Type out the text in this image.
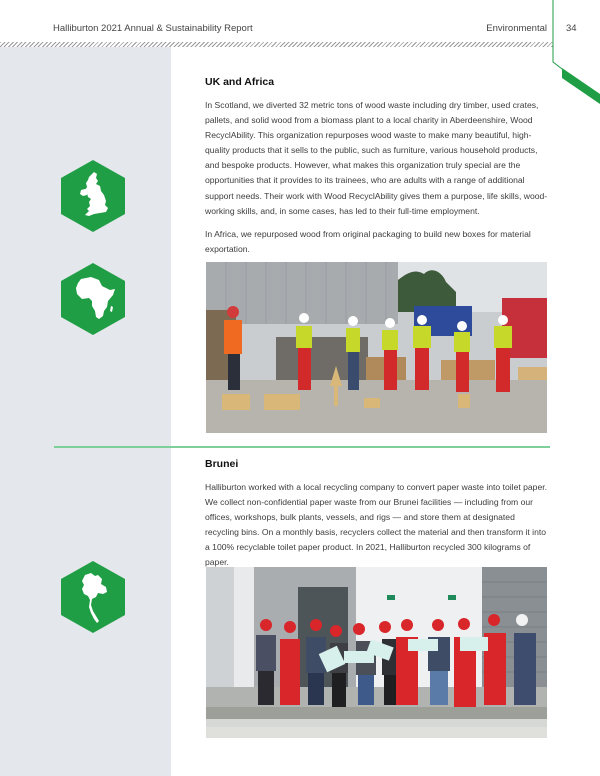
Halliburton 2021 Annual & Sustainability Report	Environmental 34
UK and Africa

In Scotland, we diverted 32 metric tons of wood waste including dry timber, used crates, pallets, and solid wood from a biomass plant to a local charity in Aberdeenshire, Wood RecyclAbility. This organization repurposes wood waste to make many beautiful, high-quality products that it sells to the public, such as furniture, various household products, and bespoke products. However, what makes this organization truly special are the opportunities that it provides to its trainees, who are adults with a range of additional support needs. Their work with Wood RecyclAbility gives them a purpose, life skills, wood-working skills, and, in some cases, has led to their full-time employment.

In Africa, we repurposed wood from original packaging to build new boxes for material exportation.

Brunei

Halliburton worked with a local recycling company to convert paper waste into toilet paper. We collect non-confidential paper waste from our Brunei facilities — including from our offices, workshops, bulk plants, vessels, and rigs — and store them at designated recycling bins. On a monthly basis, recyclers collect the material and then transform it into a 100% recyclable toilet paper product. In 2021, Halliburton recycled 300 kilograms of paper.
